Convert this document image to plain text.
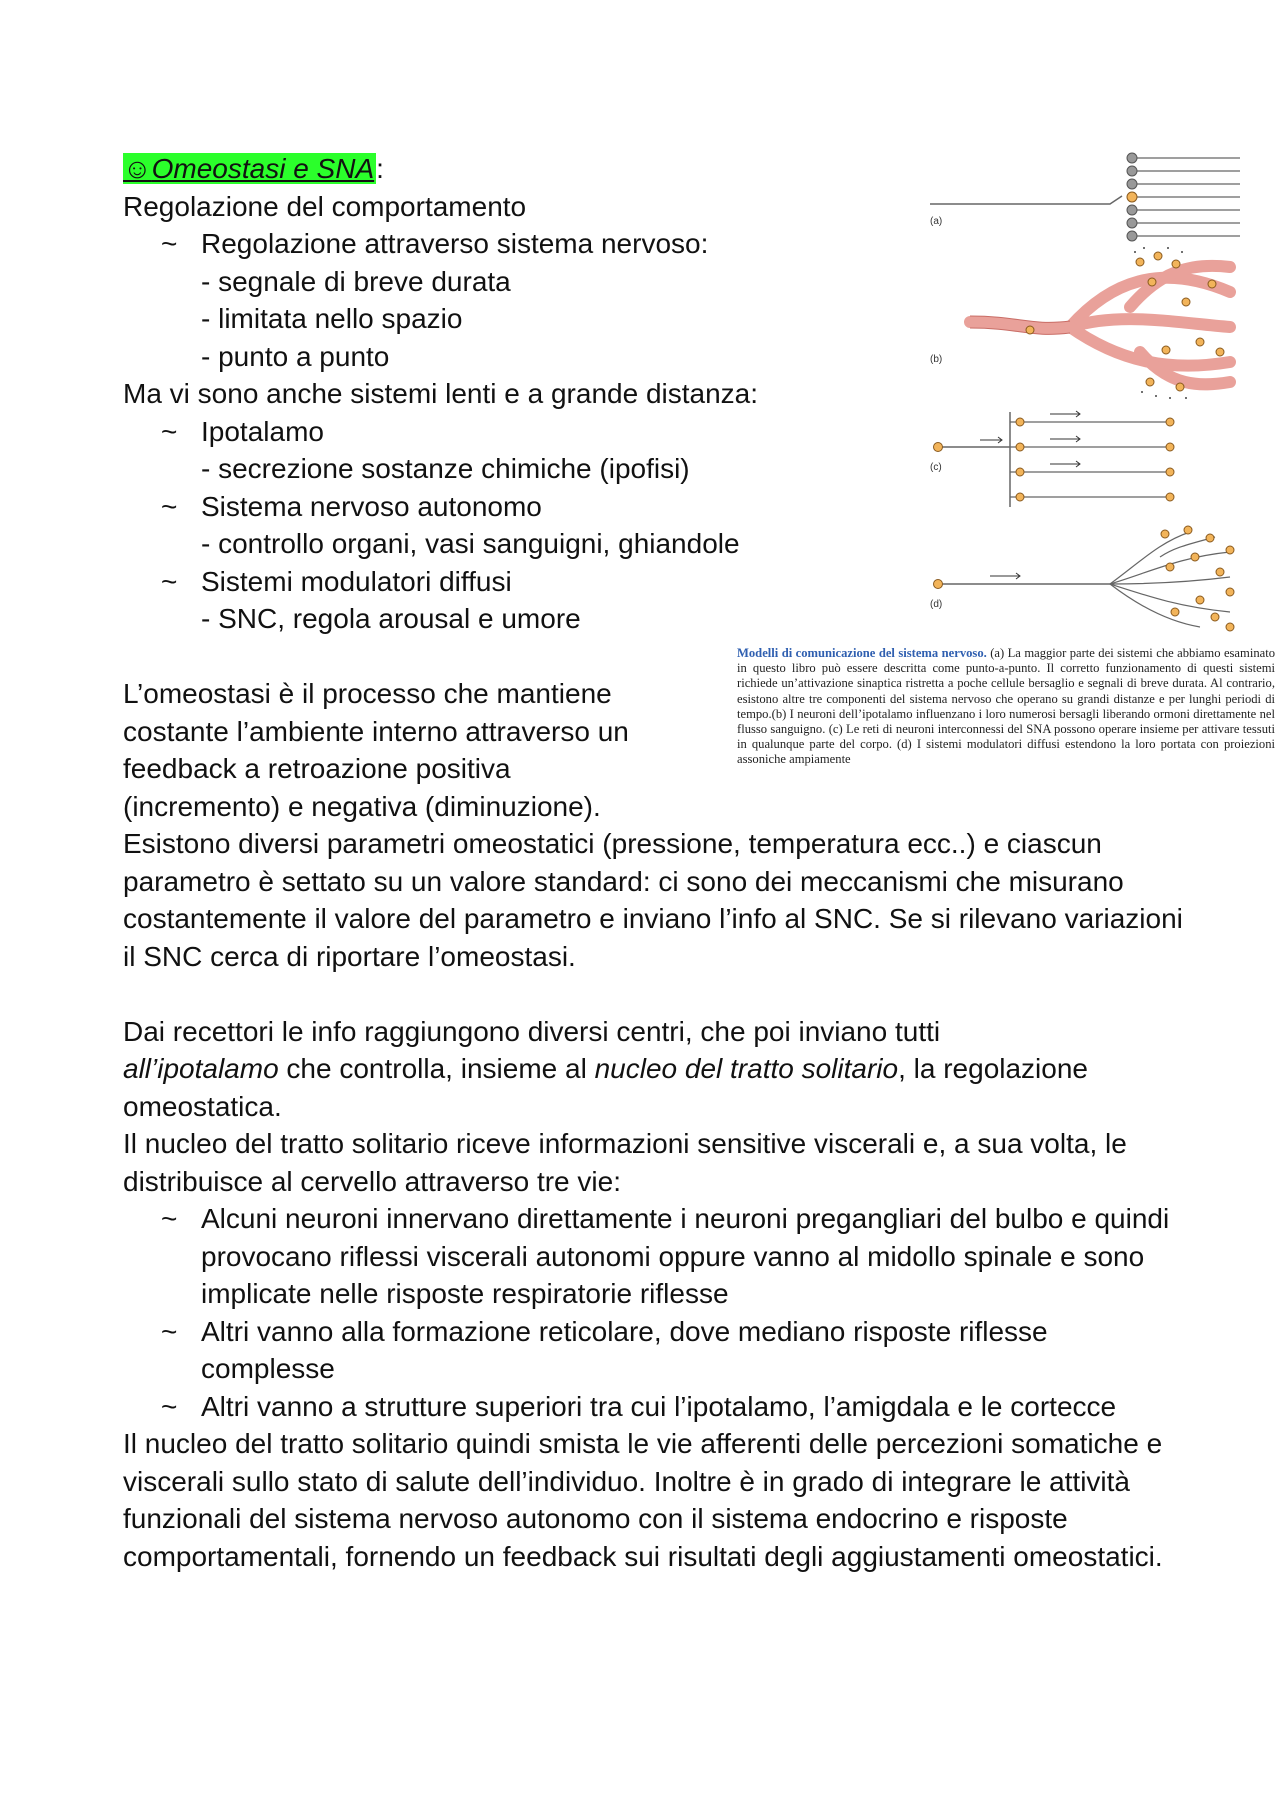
☺Omeostasi e SNA:

Regolazione del comportamento

~ Regolazione attraverso sistema nervoso:
- segnale di breve durata
- limitata nello spazio
- punto a punto

Ma vi sono anche sistemi lenti e a grande distanza:

~ Ipotalamo
- secrezione sostanze chimiche (ipofisi)
~ Sistema nervoso autonomo
- controllo organi, vasi sanguigni, ghiandole
~ Sistemi modulatori diffusi
- SNC, regola arousal e umore
L’omeostasi è il processo che mantiene
costante l’ambiente interno attraverso un
feedback a retroazione positiva
(incremento) e negativa (diminuzione).

Esistono diversi parametri omeostatici (pressione, temperatura ecc..) e ciascun parametro è settato su un valore standard: ci sono dei meccanismi che misurano costantemente il valore del parametro e inviano l’info al SNC. Se si rilevano variazioni il SNC cerca di riportare l’omeostasi.

Dai recettori le info raggiungono diversi centri, che poi inviano tutti
all’ipotalamo che controlla, insieme al nucleo del tratto solitario, la regolazione omeostatica.

Il nucleo del tratto solitario riceve informazioni sensitive viscerali e, a sua volta, le distribuisce al cervello attraverso tre vie:

~ Alcuni neuroni innervano direttamente i neuroni pregangliari del bulbo e quindi provocano riflessi viscerali autonomi oppure vanno al midollo spinale e sono implicate nelle risposte respiratorie riflesse
~ Altri vanno alla formazione reticolare, dove mediano risposte riflesse complesse
~ Altri vanno a strutture superiori tra cui l’ipotalamo, l’amigdala e le cortecce

Il nucleo del tratto solitario quindi smista le vie afferenti delle percezioni somatiche e viscerali sullo stato di salute dell’individuo. Inoltre è in grado di integrare le attività funzionali del sistema nervoso autonomo con il sistema endocrino e risposte comportamentali, fornendo un feedback sui risultati degli aggiustamenti omeostatici.

(a)
(b)
(c)
(d)
Modelli di comunicazione del sistema nervoso. (a) La maggior parte dei sistemi che abbiamo esaminato in questo libro può essere descritta come punto-a-punto. Il corretto funzionamento di questi sistemi richiede un’attivazione sinaptica ristretta a poche cellule bersaglio e segnali di breve durata. Al contrario, esistono altre tre componenti del sistema nervoso che operano su grandi distanze e per lunghi periodi di tempo.(b) I neuroni dell’ipotalamo influenzano i loro numerosi bersagli liberando ormoni direttamente nel flusso sanguigno. (c) Le reti di neuroni interconnessi del SNA possono operare insieme per attivare tessuti in qualunque parte del corpo. (d) I sistemi modulatori diffusi estendono la loro portata con proiezioni assoniche ampiamente
